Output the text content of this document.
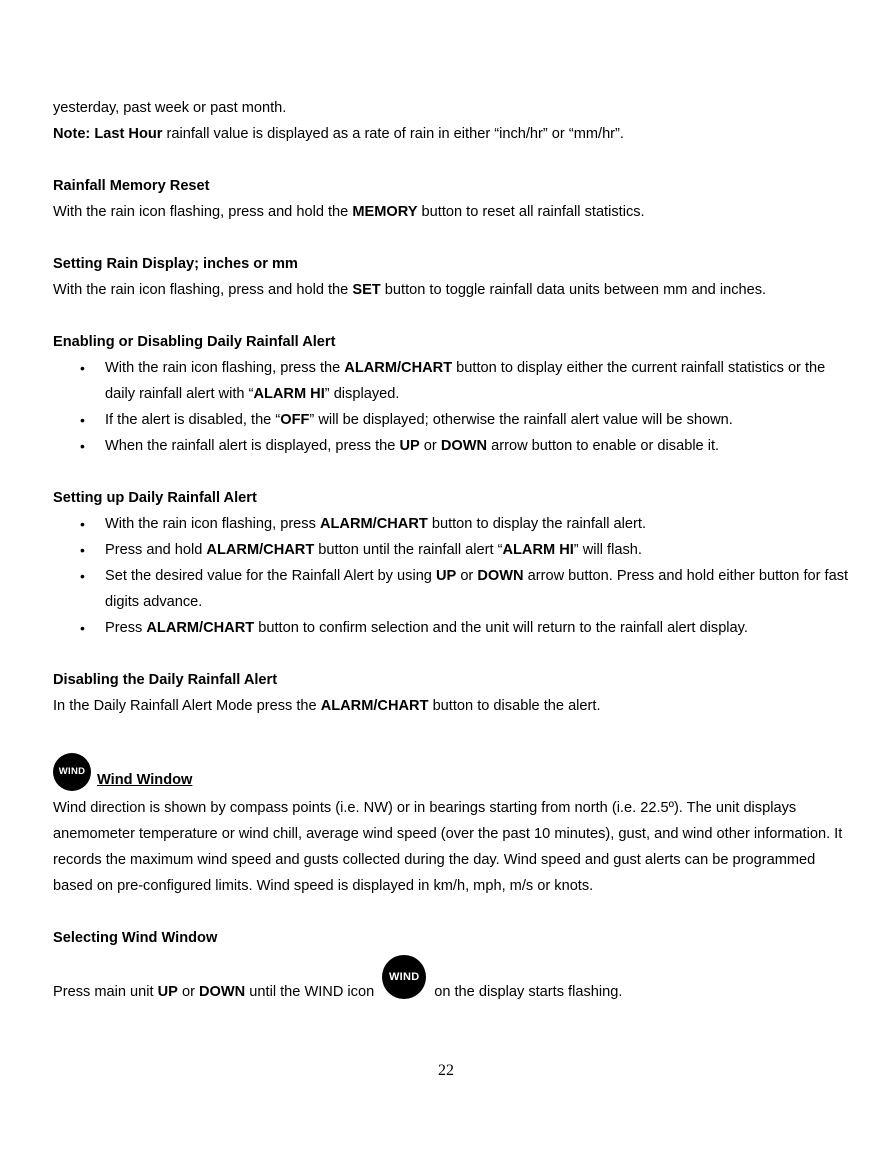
yesterday, past week or past month.

Note: Last Hour rainfall value is displayed as a rate of rain in either “inch/hr” or “mm/hr”.

Rainfall Memory Reset

With the rain icon flashing, press and hold the MEMORY button to reset all rainfall statistics.

Setting Rain Display; inches or mm

With the rain icon flashing, press and hold the SET button to toggle rainfall data units between mm and inches.

Enabling or Disabling Daily Rainfall Alert

• With the rain icon flashing, press the ALARM/CHART button to display either the current rainfall statistics or the daily rainfall alert with “ALARM HI” displayed.
• If the alert is disabled, the “OFF” will be displayed; otherwise the rainfall alert value will be shown.
• When the rainfall alert is displayed, press the UP or DOWN arrow button to enable or disable it.

Setting up Daily Rainfall Alert

• With the rain icon flashing, press ALARM/CHART button to display the rainfall alert.
• Press and hold ALARM/CHART button until the rainfall alert “ALARM HI” will flash.
• Set the desired value for the Rainfall Alert by using UP or DOWN arrow button. Press and hold either button for fast digits advance.
• Press ALARM/CHART button to confirm selection and the unit will return to the rainfall alert display.

Disabling the Daily Rainfall Alert

In the Daily Rainfall Alert Mode press the ALARM/CHART button to disable the alert.

WIND
Wind Window

Wind direction is shown by compass points (i.e. NW) or in bearings starting from north (i.e. 22.5º). The unit displays anemometer temperature or wind chill, average wind speed (over the past 10 minutes), gust, and wind other information. It records the maximum wind speed and gusts collected during the day. Wind speed and gust alerts can be programmed based on pre-configured limits. Wind speed is displayed in km/h, mph, m/s or knots.

Selecting Wind Window

Press main unit UP or DOWN until the WIND icon
WIND
on the display starts flashing.
22
